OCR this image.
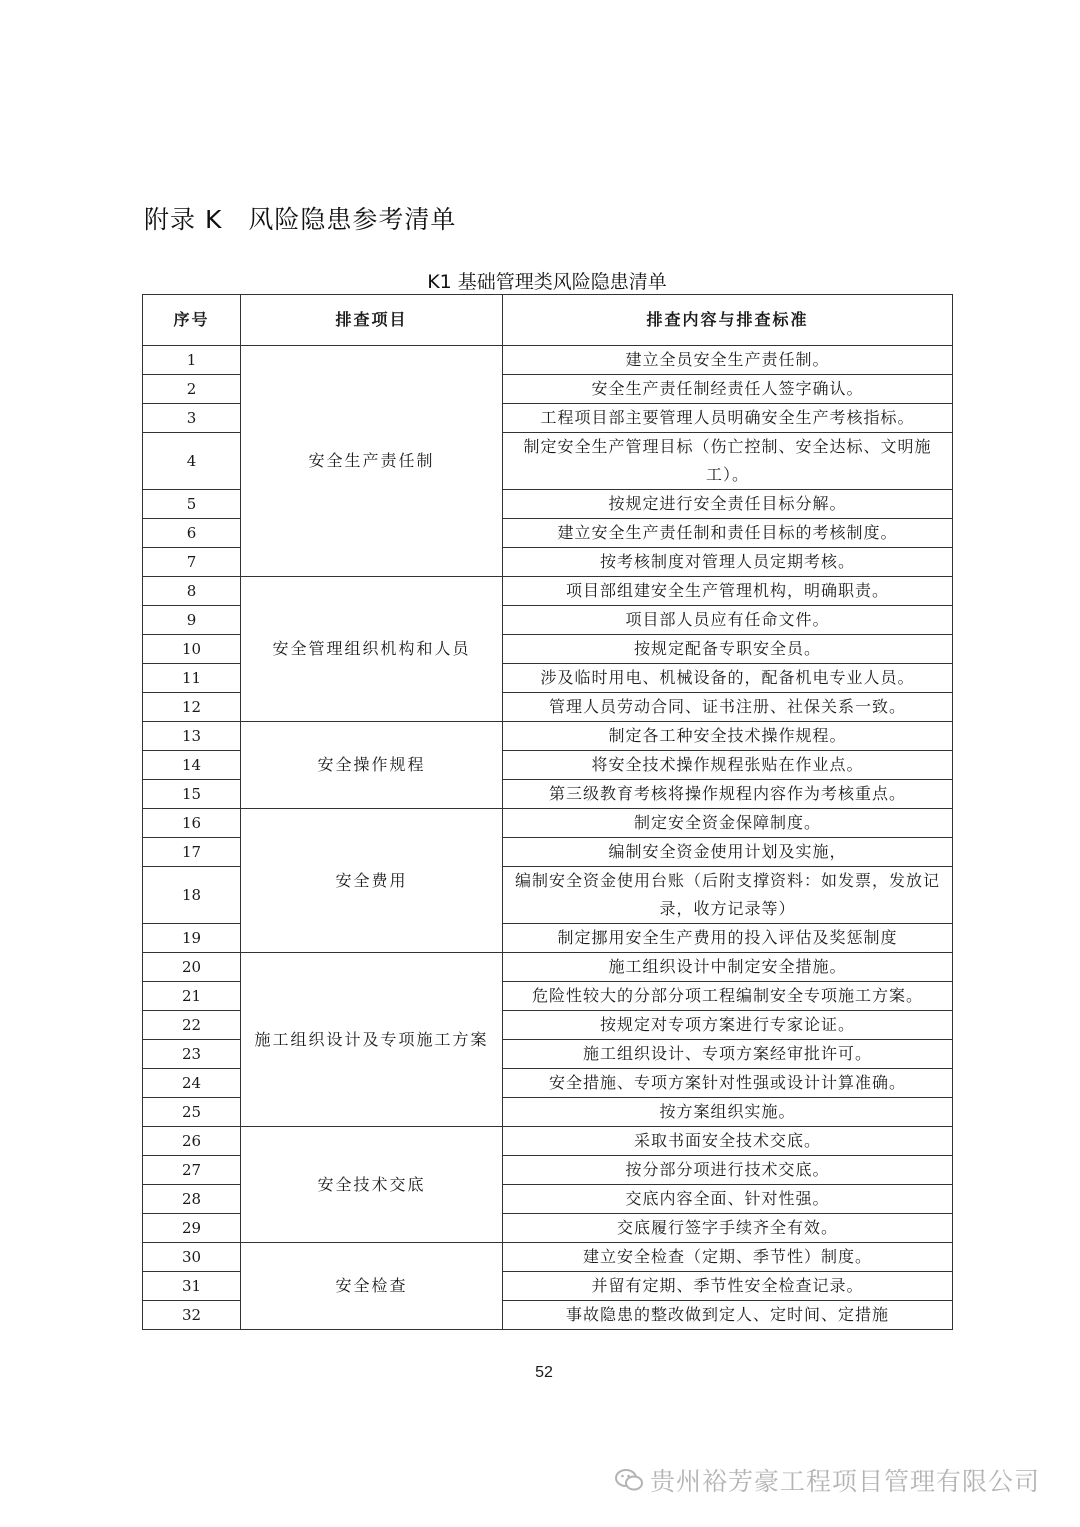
附录 K 风险隐患参考清单
K1 基础管理类风险隐患清单
序号	排查项目	排查内容与排查标准
1	安全生产责任制	建立全员安全生产责任制。
2		安全生产责任制经责任人签字确认。
3		工程项目部主要管理人员明确安全生产考核指标。
4		制定安全生产管理目标（伤亡控制、安全达标、文明施工）。
5		按规定进行安全责任目标分解。
6		建立安全生产责任制和责任目标的考核制度。
7		按考核制度对管理人员定期考核。
8	安全管理组织机构和人员	项目部组建安全生产管理机构，明确职责。
9		项目部人员应有任命文件。
10		按规定配备专职安全员。
11		涉及临时用电、机械设备的，配备机电专业人员。
12		管理人员劳动合同、证书注册、社保关系一致。
13	安全操作规程	制定各工种安全技术操作规程。
14		将安全技术操作规程张贴在作业点。
15		第三级教育考核将操作规程内容作为考核重点。
16	安全费用	制定安全资金保障制度。
17		编制安全资金使用计划及实施，
18		编制安全资金使用台账（后附支撑资料：如发票，发放记录，收方记录等）
19		制定挪用安全生产费用的投入评估及奖惩制度
20	施工组织设计及专项施工方案	施工组织设计中制定安全措施。
21		危险性较大的分部分项工程编制安全专项施工方案。
22		按规定对专项方案进行专家论证。
23		施工组织设计、专项方案经审批许可。
24		安全措施、专项方案针对性强或设计计算准确。
25		按方案组织实施。
26	安全技术交底	采取书面安全技术交底。
27		按分部分项进行技术交底。
28		交底内容全面、针对性强。
29		交底履行签字手续齐全有效。
30	安全检查	建立安全检查（定期、季节性）制度。
31		并留有定期、季节性安全检查记录。
32		事故隐患的整改做到定人、定时间、定措施
52
贵州裕芳豪工程项目管理有限公司
